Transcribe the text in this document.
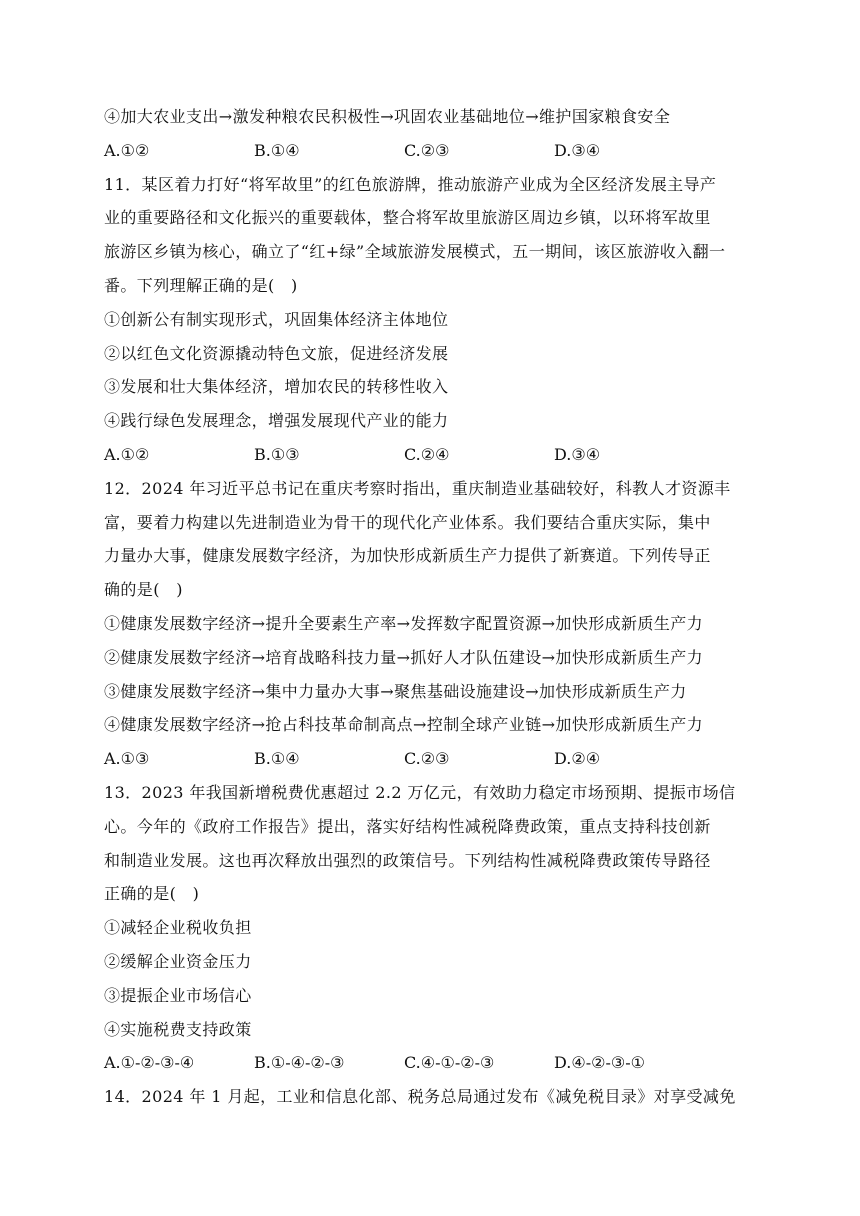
④加大农业支出→激发种粮农民积极性→巩固农业基础地位→维护国家粮食安全
A.①②	B.①④	C.②③	D.③④
11．某区着力打好“将军故里”的红色旅游牌，推动旅游产业成为全区经济发展主导产
业的重要路径和文化振兴的重要载体，整合将军故里旅游区周边乡镇，以环将军故里
旅游区乡镇为核心，确立了“红+绿”全域旅游发展模式，五一期间，该区旅游收入翻一
番。下列理解正确的是(　)
①创新公有制实现形式，巩固集体经济主体地位
②以红色文化资源撬动特色文旅，促进经济发展
③发展和壮大集体经济，增加农民的转移性收入
④践行绿色发展理念，增强发展现代产业的能力
A.①②	B.①③	C.②④	D.③④
12．2024 年习近平总书记在重庆考察时指出，重庆制造业基础较好，科教人才资源丰
富，要着力构建以先进制造业为骨干的现代化产业体系。我们要结合重庆实际，集中
力量办大事，健康发展数字经济，为加快形成新质生产力提供了新赛道。下列传导正
确的是(　)
①健康发展数字经济→提升全要素生产率→发挥数字配置资源→加快形成新质生产力
②健康发展数字经济→培育战略科技力量→抓好人才队伍建设→加快形成新质生产力
③健康发展数字经济→集中力量办大事→聚焦基础设施建设→加快形成新质生产力
④健康发展数字经济→抢占科技革命制高点→控制全球产业链→加快形成新质生产力
A.①③	B.①④	C.②③	D.②④
13．2023 年我国新增税费优惠超过 2.2 万亿元，有效助力稳定市场预期、提振市场信
心。今年的《政府工作报告》提出，落实好结构性减税降费政策，重点支持科技创新
和制造业发展。这也再次释放出强烈的政策信号。下列结构性减税降费政策传导路径
正确的是(　)
①减轻企业税收负担
②缓解企业资金压力
③提振企业市场信心
④实施税费支持政策
A.①-②-③-④	B.①-④-②-③	C.④-①-②-③	D.④-②-③-①
14．2024 年 1 月起，工业和信息化部、税务总局通过发布《减免税目录》对享受减免
